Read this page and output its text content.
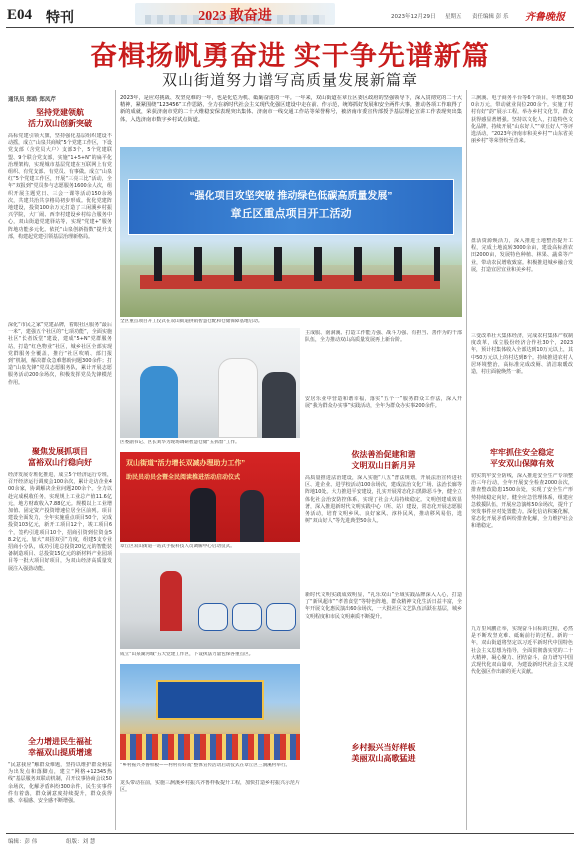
E04 特刊	2023 敢奋进	2023年12月29日 星期五 责任编辑 彭 乐 齐鲁晚报
奋楫扬帆勇奋进 实干争先谱新篇
双山街道努力谱写高质量发展新篇章
通讯员 郑皓 郑凤芹
坚持党建领航
活力双山创新突破
高标党建引领大旗，坚持强化基层组织建设不动摇，成立“山泉共商城”5个党建工作区，下设党支部（含党员大户）支部3个，5个党建联盟、9个联合党支部，实施“1+5+N”的扁平化治理架构，实现城市基层党建在互联网上有党组织、有党支部、有党员、有事做。成立“山泉红”5个党建工作区，开展“三亮三比”活动，全年“双报到”党员参与志愿服务1600余人次，组织开展主题党日、三会一课等活动150余场次，共建共治共享格局初步形成。优化党建阵地建设，投资100余万元打造了三闲溪乡村振兴学院，大厂闹、西李村建设乡村综合服务中心，双山街道党建驿站等，实现“党建+”服务阵地功能多元化。依托“山泉创新指数”提升支部，构建起党建引领基层治理新格局。
深化“市民之家”党建品牌，着眼社区服务“最后一米”，建强五个社区的“七项功能”，全面实施社区“长者饭堂”建设，建成“5+N”党群服务站，打造“红色物业”社区，城乡社区全部实现党群服务全覆盖，推行“社区吹哨、部门报到”机制，解决群众急难愁盼问题300余件；打造“山泉先锋”党员志愿服务队，累计开展志愿服务活动200余场次，积极发挥党员先锋模范作用。
聚焦发展抓项目
富裕双山行稳向好
经济发展专班化推进，成立5个经济运行专班，召开经济运行调度会100余次，累计走访企业400余家，协调解决企业问题200余个。全力以赴完成税收任务，实现规上工业总产值11.6亿元，地方财政收入7.88亿元。规模以上工业增加值、固定资产投资增速位居全区前列。项目建设全面发力，全年实施重点项目50个，完成投资103亿元，新开工项目12个，竣工项目6个，签约引进项目10个，招商引资到位资金58.2亿元。加大“双招双引”力度，组建5支专业招商小分队，成功引进总投资20亿元的智能装备制造项目、总投资15亿元的新材料产业园项目等一批大项目好项目，为双山经济高质量发展注入强劲动能。
全力增进民生福祉
幸福双山提质增速
“民意我应”解群众难题，坚持以维护群众利益为出发点和落脚点，建立“网格+12345热线”基层服务双联动机制，召开议事协商会议50余场次，化解矛盾纠纷300余件，民生实事件件有着落，群众满意度持续提升，群众获得感、幸福感、安全感不断增强。
2023年，是应对挑战、攻坚克难的一年，也是化危为机、砥砺奋进的一年。一年来，双山街道在章丘区委区政府的坚强领导下，深入贯彻党的二十大精神，紧紧围绕“123456”工作思路，全力在新时代社会主义现代化强区建设中走在前、作示范，统筹抓好发展和安全两件大事，推动各项工作取得了新的成就，荣获济南市党的二十大维稳安保表现突出集体、济南市一线交通工作站等荣誉称号，被济南市委宣传部授予基层理论宣讲工作表现突出集体，入选济南市数字乡村试点街道。
三涧溪、电子商务平台等6个项目，年增收300余万元，带动就业岗位200余个。实施了村村有好“韵”展示工程，举办乡村文化节，群众获得感显著增强。坚持以文化人，打造特色文化品牌，持续开展“山东好人”“章丘好人”等评选活动，“2023年济南市和美乡村”“山东省美丽乡村”等荣誉纷至沓来。
“强化项目攻坚突破 推动绿色低碳高质量发展”
章丘区重点项目开工活动
全区重点项目开工仪式在双山街道供销智慧仓配和仓储保障基地启动。
区委副书记、区长刘华为现场调研智慧仓储“五抓督”工作。
主成服、南洞溪、打造工作能力强、战斗力强、有担当、善作为的干部队伍，全力推动双山高质量发展再上新台阶。
安居乐业中营造和谐幸福，落实“五个一”服务群众工作法，深入开展“我为群众办实事”实践活动，全年为群众办实事200余件。
双山街道“活力增长双减办理助力工作”
助民员动员会暨全民阅读推进活动启动仪式
章丘区双山街道一站式手报科技人员调解中心启动仪式。
成立“山泉湖河城”五大党建工作区，下设执法力量包保各重点区。
“乡村振兴齐鲁样板——村村有好戏”整体宣传活动启动仪式在章丘区三涧溪村举行。
龙头带动在前，实施三涧溪乡村振兴齐鲁样板提升工程，加快打造乡村振兴示范片区。
依法善治促建和谐
文明双山日新月异
高质量推进法治建设，深入实施“八五”普法规划，开展法治宣传进社区、进企业、进学校活动100余场次，建成法治文化广场、法治长廊等阵地10处。大力推进平安建设，扎实开展常态化扫黑除恶斗争，健全立体化社会治安防控体系，实现了社会大局持续稳定。文明创建成效显著，深入推进新时代文明实践中心（所、站）建设，常态化开展志愿服务活动，培育文明乡风、良好家风、淳朴民风，推动移风易俗，选树“双山好人”等先进典型50余人。
新时代文明实践成效明显，“礼乐双山”全域实践品牌深入人心，打造了“新风超市”“孝善食堂”等特色阵地，群众精神文化生活日益丰富，全年开展文化惠民演出60余场次，一大批社区文艺队伍活跃在基层，城乡文明程度和市民文明素质不断提升。
乡村振兴当好样板
美丽双山高歌猛进
盘活资源焕活力，深入推进土地整治提升工程，完成土地流转3000余亩，建设高标准农田2000亩，发展特色种植、林果、蔬菜等产业，带动农民增收致富。积极推进城乡融合发展，打造宜居宜业和美乡村。
三变改革壮大集体经济，完成农村集体产权制度改革，成立股份经济合作社30个，2023年，预计村集体收入全部达到10万元以上，其中50万元以上的村达到8个。持续推进农村人居环境整治，高标准完成改厕、清洁取暖改造，村庄面貌焕然一新。
牢牢抓住安全稳定
平安双山保障有效
切实筑牢安全防线，深入推进安全生产专项整治三年行动，全年开展安全检查2000余次，排查整改隐患1500余处，实现了安全生产形势持续稳定向好。健全应急管理体系，组建应急救援队伍，开展应急演练50余场次，提升了突发事件应对处置能力。深化信访积案化解，常态化开展矛盾纠纷排查化解，全力维护社会和谐稳定。
九万里风鹏正举，实现奋斗目标的过程，必然是不断攻坚克难、砥砺前行的过程。新的一年，双山街道将坚定以习近平新时代中国特色社会主义思想为指导，全面贯彻落实党的二十大精神，凝心聚力、团结奋斗，奋力谱写中国式现代化双山篇章，为建设新时代社会主义现代化强区作出新的更大贡献。
编辑：彭 伟	组版：刘 慧
